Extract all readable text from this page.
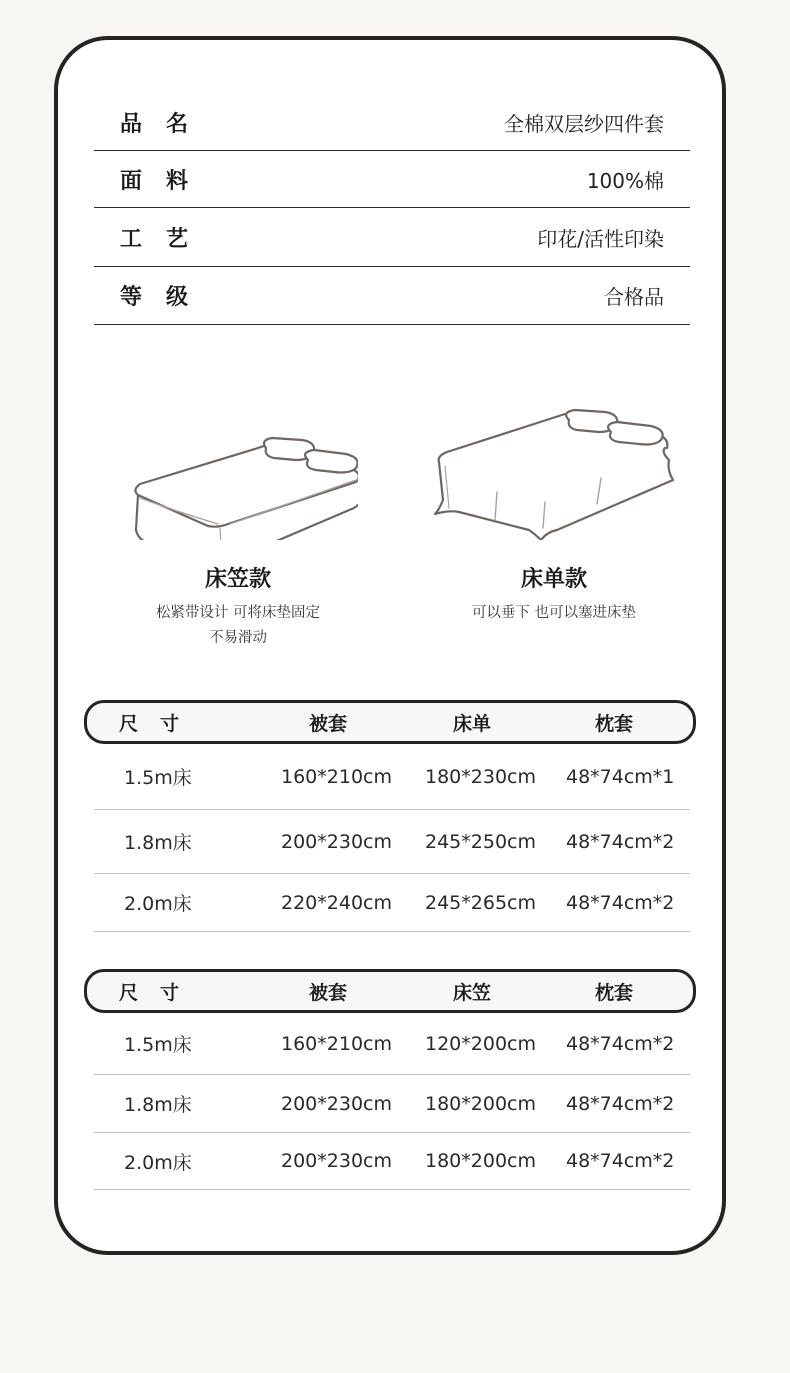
品名	全棉双层纱四件套
面料	100%棉
工艺	印花/活性印染
等级	合格品
床笠款
松紧带设计 可将床垫固定
不易滑动
床单款
可以垂下 也可以塞进床垫
尺寸	被套	床单	枕套
1.5m床	160*210cm 180*230cm 48*74cm*1
1.8m床	200*230cm 245*250cm 48*74cm*2
2.0m床	220*240cm 245*265cm 48*74cm*2
尺寸	被套	床笠	枕套
1.5m床	160*210cm 120*200cm 48*74cm*2
1.8m床	200*230cm 180*200cm 48*74cm*2
2.0m床	200*230cm 180*200cm 48*74cm*2
